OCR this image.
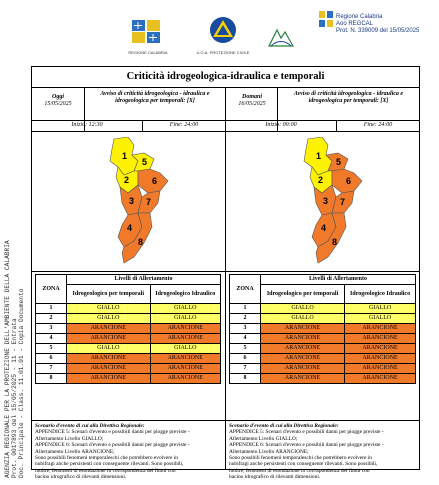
AGENZIA REGIONALE PER LA PROTEZIONE DELL'AMBIENTE DELLA CALABRIA Prot. 0017893 del 15/05/2025 - 11 - Entrata Doc. Principale - Class. 11.01.01 - Copia Documento
REGIONE CALABRIA	U.O.A. PROTEZIONE CIVILE
Regione Calabria
Aoo REGCAL
Prot. N. 339009 del 15/05/2025
Criticità idrogeologica-idraulica e temporali
Oggi
15/05/2025
Avviso di criticità idrogeologica - idraulica e idrogeologica per temporali: [X]
Inizio: 12:30	Fine: 24:00
Domani
16/05/2025
Avviso di criticità idrogeologica - idraulica e idrogeologica per temporali: [X]
Inizio: 00:00	Fine: 24:00
1
5
2	6
3 7
4
8
1
5
2	6
3 7
4
8
ZONA	Livelli di Allertamento	
	Idrogeologico per temporali	Idrogeologico Idraulico
1	GIALLO	GIALLO
2	GIALLO	GIALLO
3	ARANCIONE	ARANCIONE
4	ARANCIONE	ARANCIONE
5	GIALLO	GIALLO
6	ARANCIONE	ARANCIONE
7	ARANCIONE	ARANCIONE
8	ARANCIONE	ARANCIONE
ZONA	Livelli di Allertamento	
	Idrogeologico per temporali	Idrogeologico Idraulico
1	GIALLO	GIALLO
2	GIALLO	GIALLO
3	ARANCIONE	ARANCIONE
4	ARANCIONE	ARANCIONE
5	ARANCIONE	ARANCIONE
6	ARANCIONE	ARANCIONE
7	ARANCIONE	ARANCIONE
8	ARANCIONE	ARANCIONE
Scenario d'evento di cui alla Direttiva Regionale:
APPENDICE 5: Scenari d'evento e possibili danni per piogge previste -
Allertamento Livello GIALLO;
APPENDICE 6: Scenari d'evento e possibili danni per piogge previste -
Allertamento Livello ARANCIONE;
Sono possibili fenomeni temporaleschi che potrebbero evolvere in
nubifragi anche persistenti con conseguente rilevanti. Sono possibili,
inoltre, fenomeni di esondazione in corrispondenza dei fiumi con
bacino idrografico di rilevanti dimensioni.
Scenario d'evento di cui alla Direttiva Regionale:
APPENDICE 5: Scenari d'evento e possibili danni per piogge previste -
Allertamento Livello GIALLO;
APPENDICE 6: Scenari d'evento e possibili danni per piogge previste -
Allertamento Livello ARANCIONE;
Sono possibili fenomeni temporaleschi che potrebbero evolvere in
nubifragi anche persistenti con conseguente rilevanti. Sono possibili,
inoltre, fenomeni di esondazione in corrispondenza dei fiumi con
bacino idrografico di rilevanti dimensioni.
